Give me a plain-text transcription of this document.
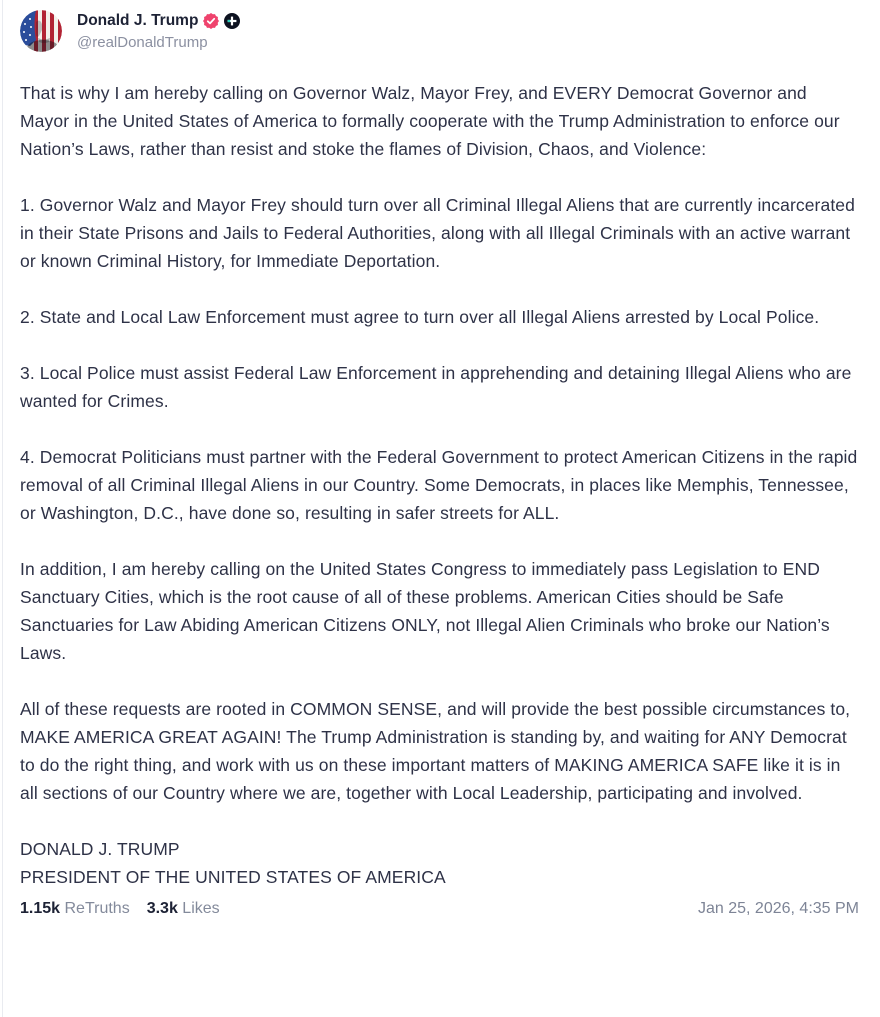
Donald J. Trump
@realDonaldTrump

That is why I am hereby calling on Governor Walz, Mayor Frey, and EVERY Democrat Governor and Mayor in the United States of America to formally cooperate with the Trump Administration to enforce our Nation’s Laws, rather than resist and stoke the flames of Division, Chaos, and Violence:

1. Governor Walz and Mayor Frey should turn over all Criminal Illegal Aliens that are currently incarcerated in their State Prisons and Jails to Federal Authorities, along with all Illegal Criminals with an active warrant or known Criminal History, for Immediate Deportation.

2. State and Local Law Enforcement must agree to turn over all Illegal Aliens arrested by Local Police.

3. Local Police must assist Federal Law Enforcement in apprehending and detaining Illegal Aliens who are wanted for Crimes.

4. Democrat Politicians must partner with the Federal Government to protect American Citizens in the rapid removal of all Criminal Illegal Aliens in our Country. Some Democrats, in places like Memphis, Tennessee, or Washington, D.C., have done so, resulting in safer streets for ALL.

In addition, I am hereby calling on the United States Congress to immediately pass Legislation to END Sanctuary Cities, which is the root cause of all of these problems. American Cities should be Safe Sanctuaries for Law Abiding American Citizens ONLY, not Illegal Alien Criminals who broke our Nation’s Laws.

All of these requests are rooted in COMMON SENSE, and will provide the best possible circumstances to, MAKE AMERICA GREAT AGAIN! The Trump Administration is standing by, and waiting for ANY Democrat to do the right thing, and work with us on these important matters of MAKING AMERICA SAFE like it is in all sections of our Country where we are, together with Local Leadership, participating and involved.

DONALD J. TRUMP
PRESIDENT OF THE UNITED STATES OF AMERICA

1.15k ReTruths 3.3k Likes	Jan 25, 2026, 4:35 PM
